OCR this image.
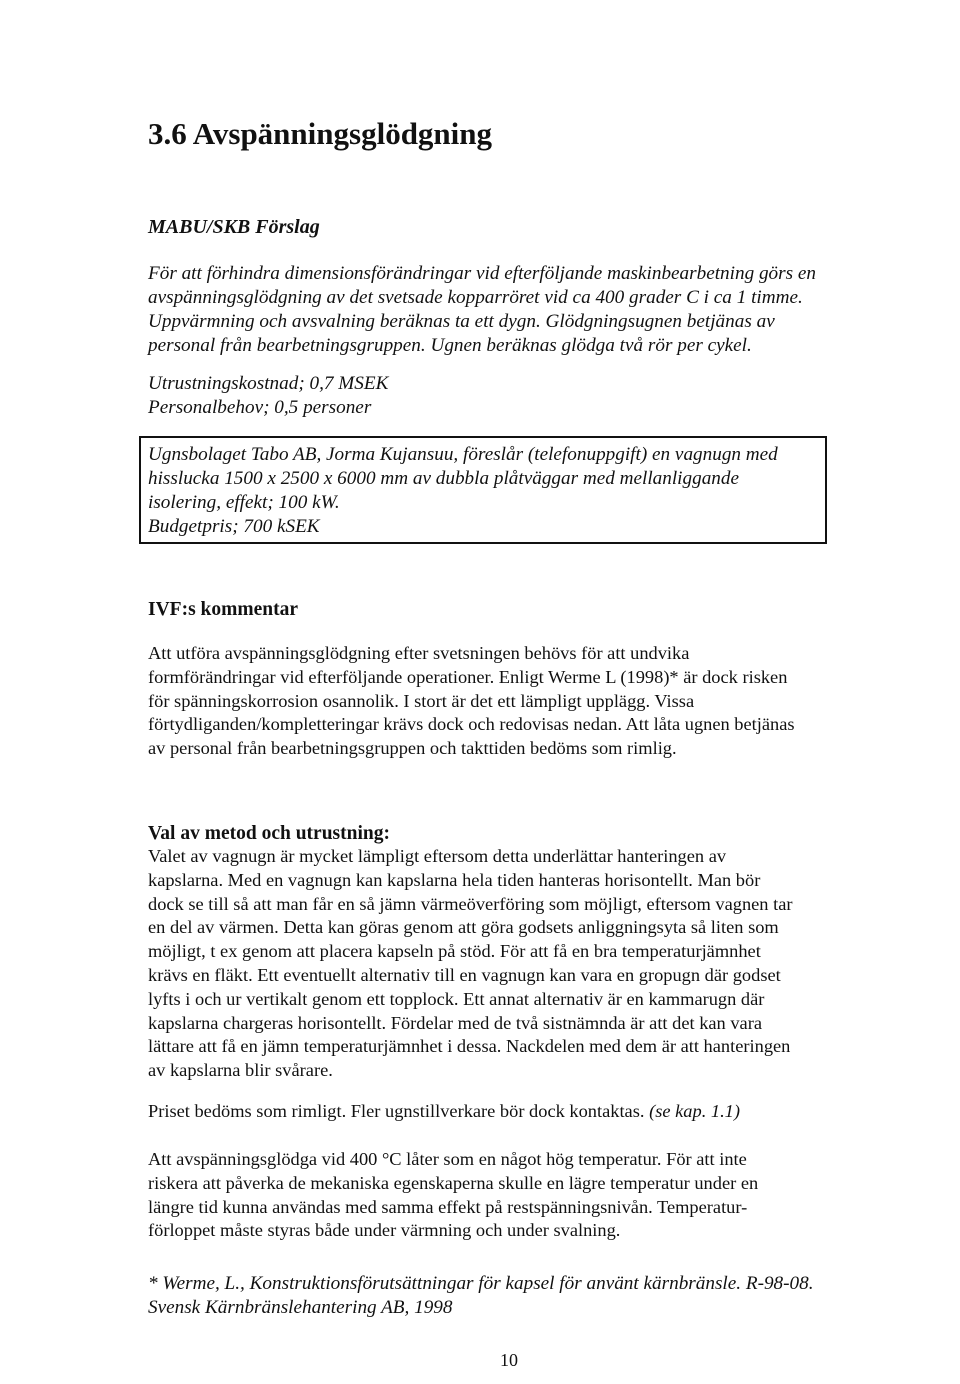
3.6 Avspänningsglödgning
MABU/SKB Förslag

För att förhindra dimensionsförändringar vid efterföljande maskinbearbetning görs en
avspänningsglödgning av det svetsade kopparröret vid ca 400 grader C i ca 1 timme.
Uppvärmning och avsvalning beräknas ta ett dygn. Glödgningsugnen betjänas av
personal från bearbetningsgruppen. Ugnen beräknas glödga två rör per cykel.

Utrustningskostnad; 0,7 MSEK
Personalbehov; 0,5 personer

Ugnsbolaget Tabo AB, Jorma Kujansuu, föreslår (telefonuppgift) en vagnugn med
hisslucka 1500 x 2500 x 6000 mm av dubbla plåtväggar med mellanliggande
isolering, effekt; 100 kW.
Budgetpris; 700 kSEK

IVF:s kommentar

Att utföra avspänningsglödgning efter svetsningen behövs för att undvika
formförändringar vid efterföljande operationer. Enligt Werme L (1998)* är dock risken
för spänningskorrosion osannolik. I stort är det ett lämpligt upplägg. Vissa
förtydliganden/kompletteringar krävs dock och redovisas nedan. Att låta ugnen betjänas
av personal från bearbetningsgruppen och takttiden bedöms som rimlig.

Val av metod och utrustning:

Valet av vagnugn är mycket lämpligt eftersom detta underlättar hanteringen av
kapslarna. Med en vagnugn kan kapslarna hela tiden hanteras horisontellt. Man bör
dock se till så att man får en så jämn värmeöverföring som möjligt, eftersom vagnen tar
en del av värmen. Detta kan göras genom att göra godsets anliggningsyta så liten som
möjligt, t ex genom att placera kapseln på stöd. För att få en bra temperaturjämnhet
krävs en fläkt. Ett eventuellt alternativ till en vagnugn kan vara en gropugn där godset
lyfts i och ur vertikalt genom ett topplock. Ett annat alternativ är en kammarugn där
kapslarna chargeras horisontellt. Fördelar med de två sistnämnda är att det kan vara
lättare att få en jämn temperaturjämnhet i dessa. Nackdelen med dem är att hanteringen
av kapslarna blir svårare.

Priset bedöms som rimligt. Fler ugnstillverkare bör dock kontaktas. (se kap. 1.1)

Att avspänningsglödga vid 400 °C låter som en något hög temperatur. För att inte
riskera att påverka de mekaniska egenskaperna skulle en lägre temperatur under en
längre tid kunna användas med samma effekt på restspänningsnivån. Temperatur-
förloppet måste styras både under värmning och under svalning.

* Werme, L., Konstruktionsförutsättningar för kapsel för använt kärnbränsle. R-98-08.
Svensk Kärnbränslehantering AB, 1998

10
